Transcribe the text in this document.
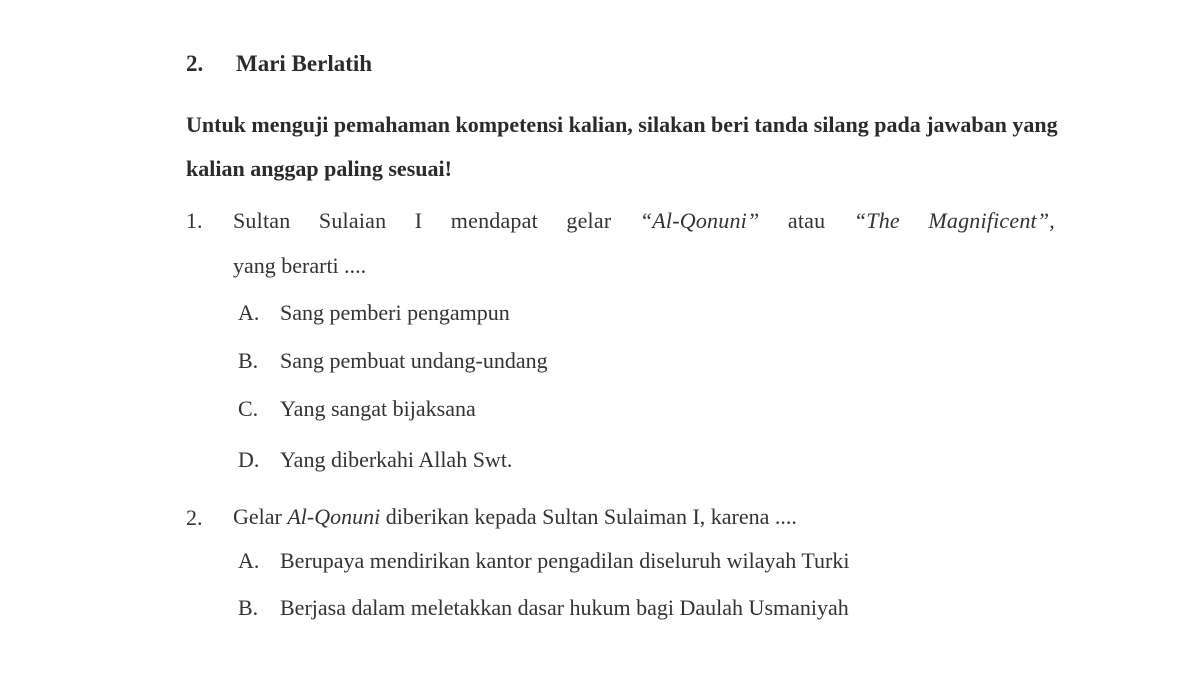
2. Mari Berlatih
Untuk menguji pemahaman kompetensi kalian, silakan beri tanda silang pada jawaban yang kalian anggap paling sesuai!
1. Sultan Sulaian I mendapat gelar “Al-Qonuni” atau “The Magnificent”,
yang berarti ....
A. Sang pemberi pengampun
B. Sang pembuat undang-undang
C. Yang sangat bijaksana
D. Yang diberkahi Allah Swt.
2. Gelar Al-Qonuni diberikan kepada Sultan Sulaiman I, karena ....
A. Berupaya mendirikan kantor pengadilan diseluruh wilayah Turki
B. Berjasa dalam meletakkan dasar hukum bagi Daulah Usmaniyah
